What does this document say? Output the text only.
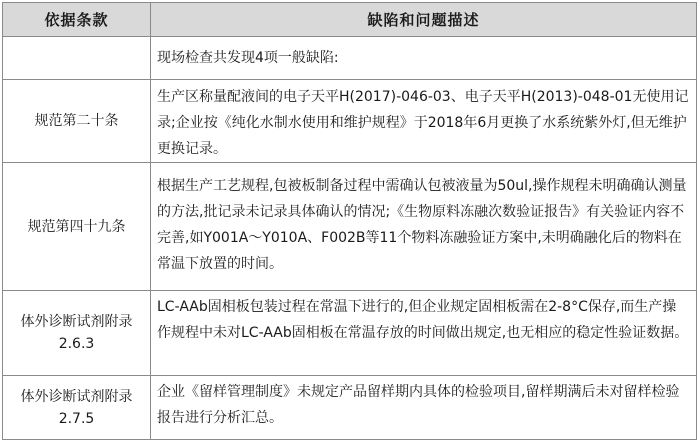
依据条款	缺陷和问题描述
	现场检查共发现4项一般缺陷:
规范第二十条	生产区称量配液间的电子天平H(2017)-046-03、电子天平H(2013)-048-01无使用记录;企业按《纯化水制水使用和维护规程》于2018年6月更换了水系统紫外灯,但无维护更换记录。
规范第四十九条	根据生产工艺规程,包被板制备过程中需确认包被液量为50ul,操作规程未明确确认测量的方法,批记录未记录具体确认的情况;《生物原料冻融次数验证报告》有关验证内容不完善,如Y001A～Y010A、F002B等11个物料冻融验证方案中,未明确融化后的物料在常温下放置的时间。
体外诊断试剂附录 2.6.3	LC-AAb固相板包装过程在常温下进行的,但企业规定固相板需在2-8°C保存,而生产操作规程中未对LC-AAb固相板在常温存放的时间做出规定,也无相应的稳定性验证数据。
体外诊断试剂附录 2.7.5	企业《留样管理制度》未规定产品留样期内具体的检验项目,留样期满后未对留样检验报告进行分析汇总。
